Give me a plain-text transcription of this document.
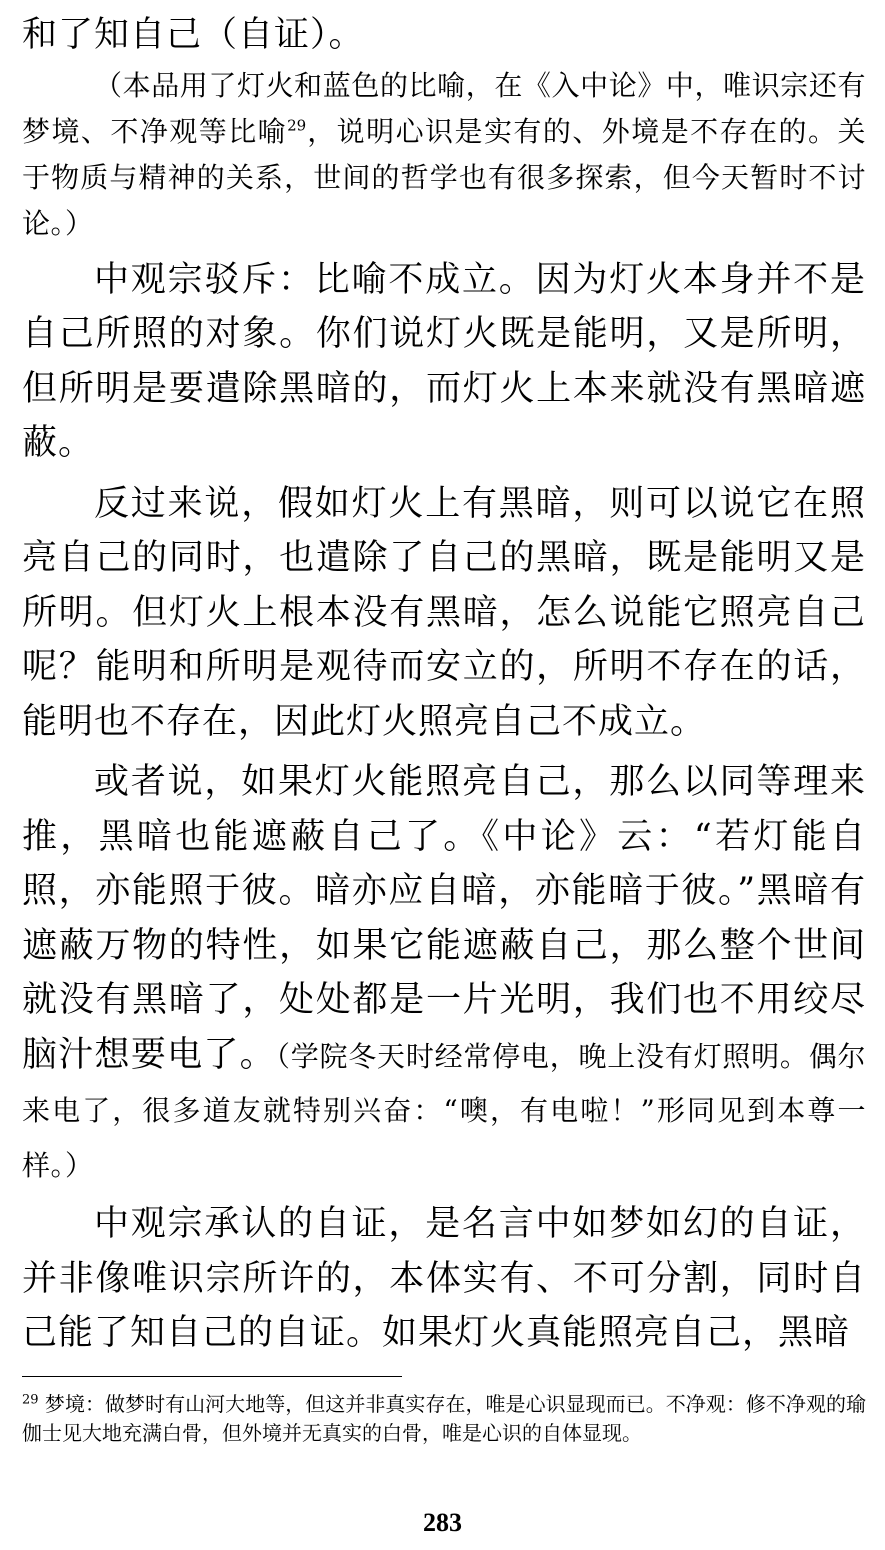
和了知自己（自证）。

（本品用了灯火和蓝色的比喻，在《入中论》中，唯识宗还有梦境、不净观等比喻$^{29}$，说明心识是实有的、外境是不存在的。关于物质与精神的关系，世间的哲学也有很多探索，但今天暂时不讨论。）

中观宗驳斥：比喻不成立。因为灯火本身并不是自己所照的对象。你们说灯火既是能明，又是所明，但所明是要遣除黑暗的，而灯火上本来就没有黑暗遮蔽。

反过来说，假如灯火上有黑暗，则可以说它在照亮自己的同时，也遣除了自己的黑暗，既是能明又是所明。但灯火上根本没有黑暗，怎么说能它照亮自己呢？能明和所明是观待而安立的，所明不存在的话，能明也不存在，因此灯火照亮自己不成立。

或者说，如果灯火能照亮自己，那么以同等理来推，黑暗也能遮蔽自己了。《中论》云：“若灯能自照，亦能照于彼。暗亦应自暗，亦能暗于彼。”黑暗有遮蔽万物的特性，如果它能遮蔽自己，那么整个世间就没有黑暗了，处处都是一片光明，我们也不用绞尽脑汁想要电了。（学院冬天时经常停电，晚上没有灯照明。偶尔来电了，很多道友就特别兴奋：“噢，有电啦！”形同见到本尊一样。）

中观宗承认的自证，是名言中如梦如幻的自证，并非像唯识宗所许的，本体实有、不可分割，同时自己能了知自己的自证。如果灯火真能照亮自己，黑暗

$^{29}$ 梦境：做梦时有山河大地等，但这并非真实存在，唯是心识显现而已。不净观：修不净观的瑜伽士见大地充满白骨，但外境并无真实的白骨，唯是心识的自体显现。

283
